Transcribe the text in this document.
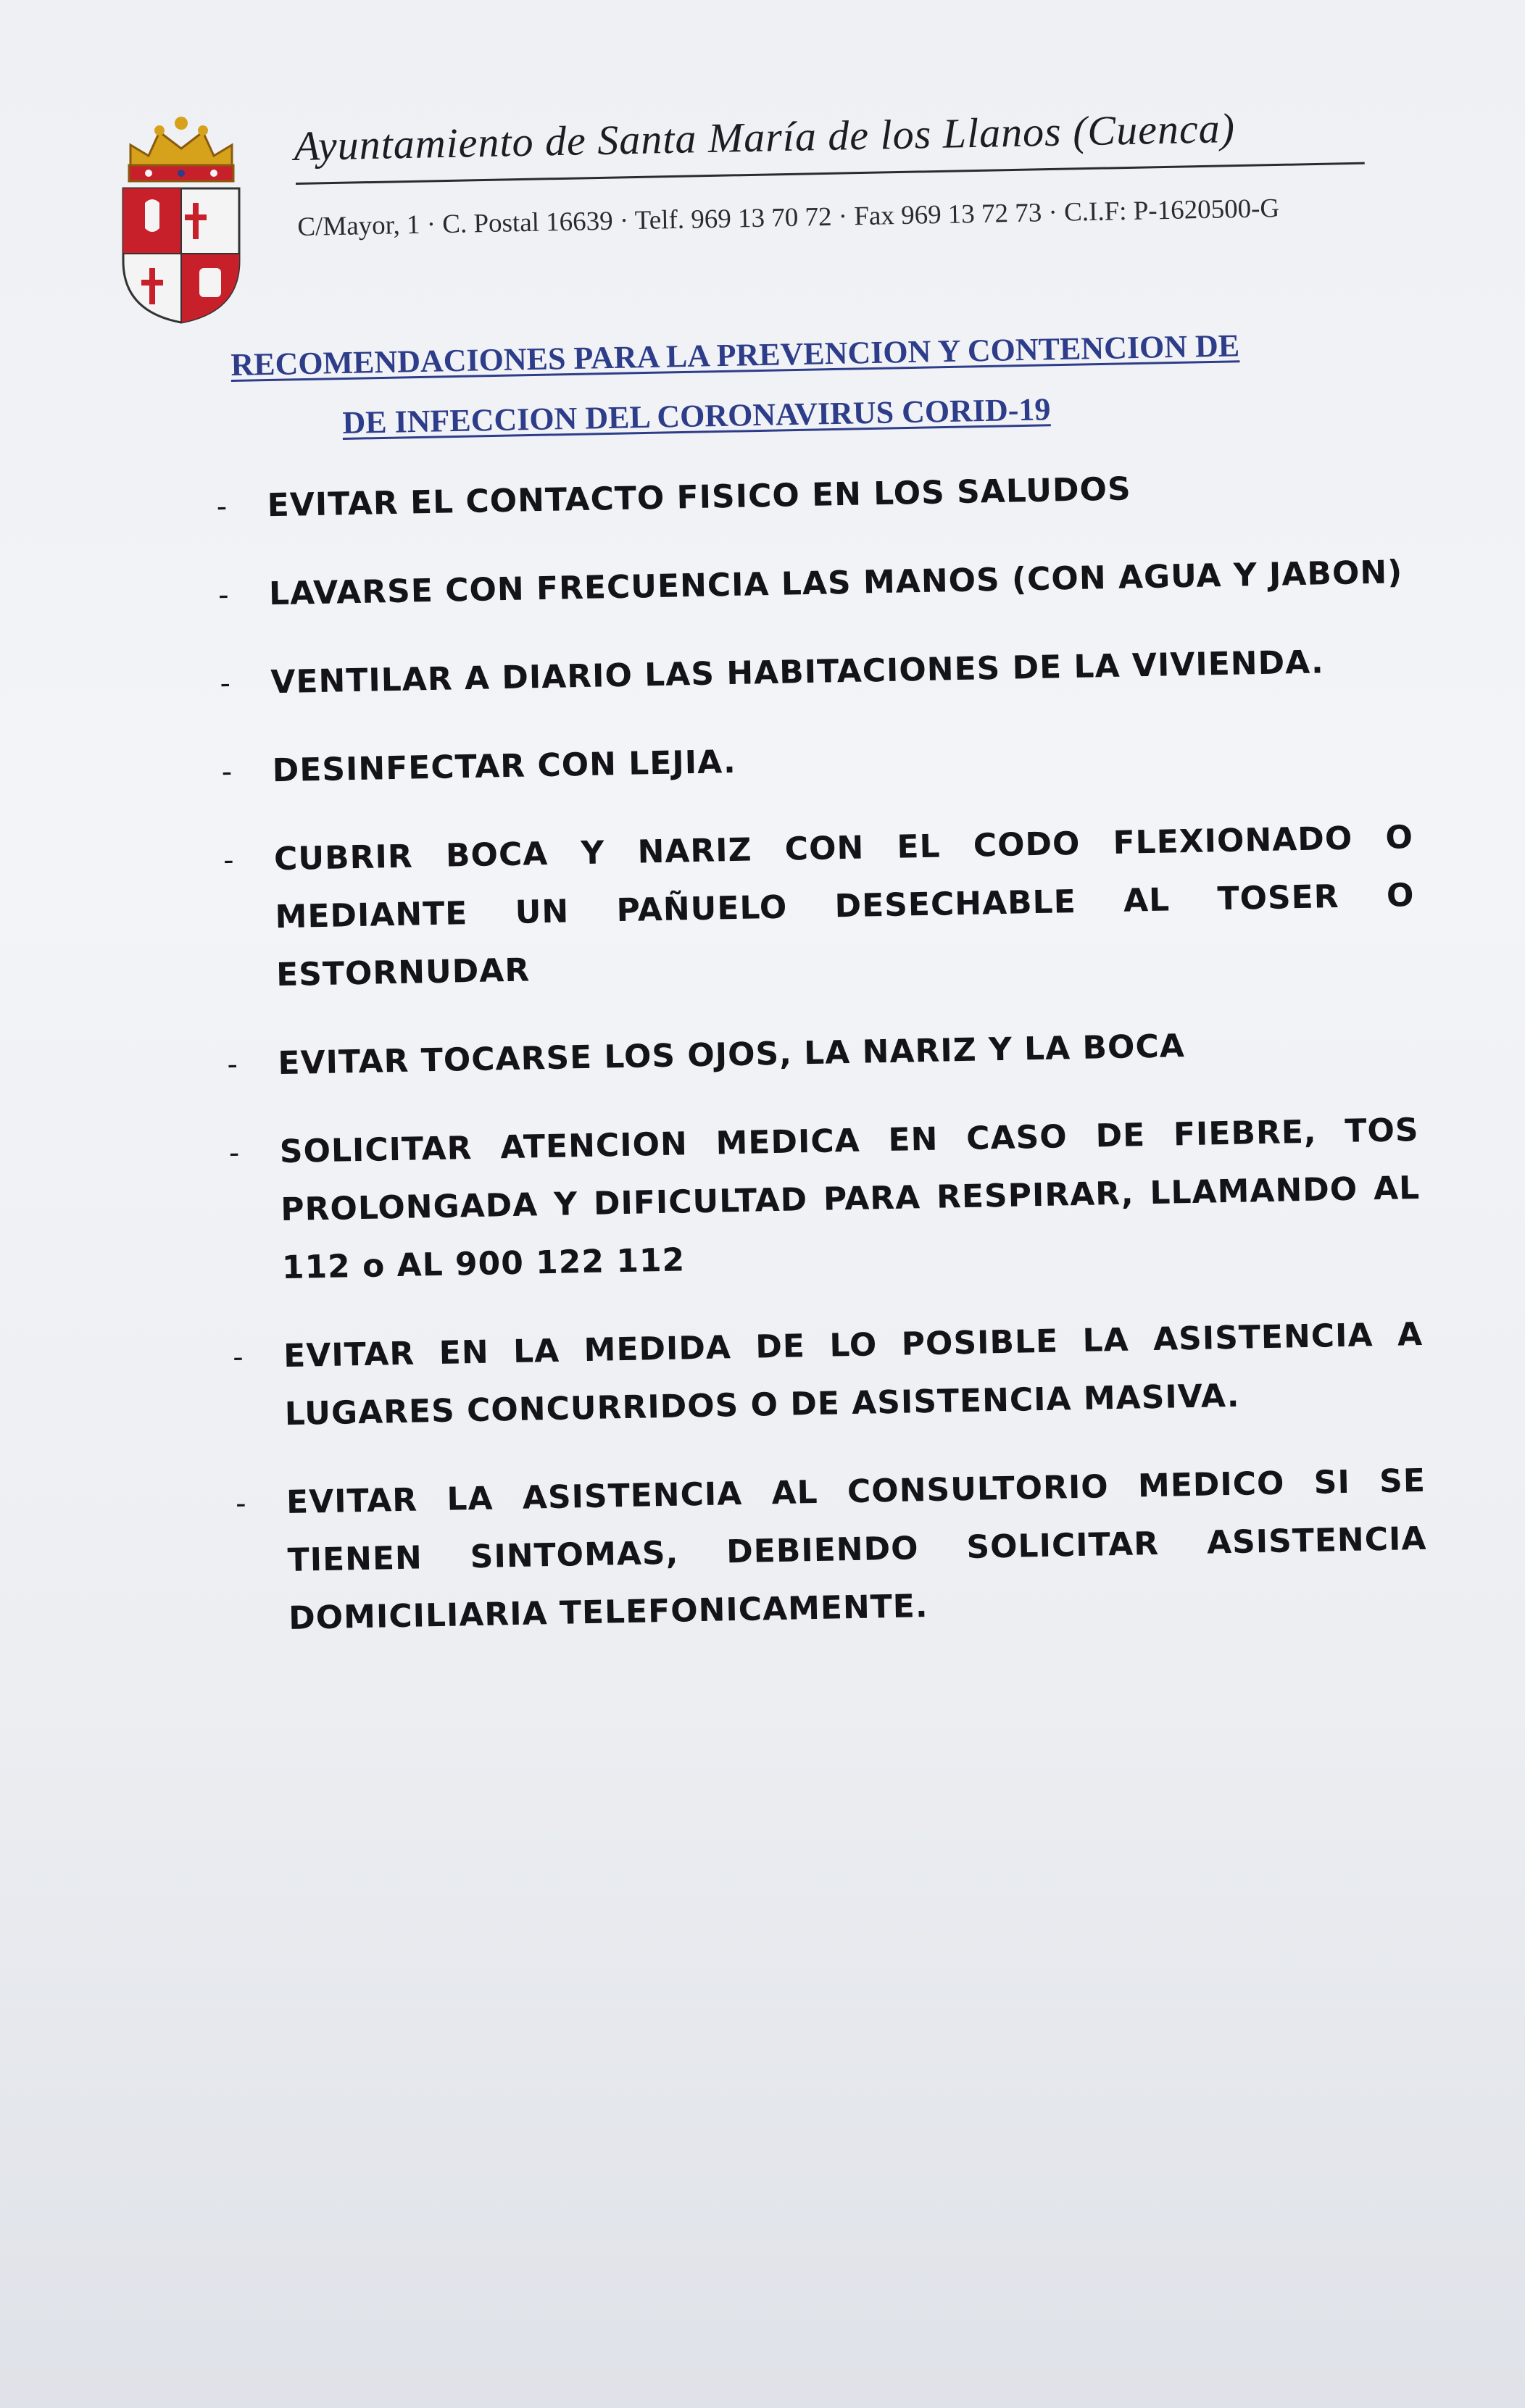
Ayuntamiento de Santa María de los Llanos (Cuenca)
C/Mayor, 1 · C. Postal 16639 · Telf. 969 13 70 72 · Fax 969 13 72 73 · C.I.F: P-1620500-G
RECOMENDACIONES PARA LA PREVENCION Y CONTENCION DE
DE INFECCION DEL CORONAVIRUS CORID-19
- EVITAR EL CONTACTO FISICO EN LOS SALUDOS
- LAVARSE CON FRECUENCIA LAS MANOS (CON AGUA Y JABON)
- VENTILAR A DIARIO LAS HABITACIONES DE LA VIVIENDA.
- DESINFECTAR CON LEJIA.
- CUBRIR BOCA Y NARIZ CON EL CODO FLEXIONADO O MEDIANTE UN PAÑUELO DESECHABLE AL TOSER O ESTORNUDAR
- EVITAR TOCARSE LOS OJOS, LA NARIZ Y LA BOCA
- SOLICITAR ATENCION MEDICA EN CASO DE FIEBRE, TOS PROLONGADA Y DIFICULTAD PARA RESPIRAR, LLAMANDO AL 112 o AL 900 122 112
- EVITAR EN LA MEDIDA DE LO POSIBLE LA ASISTENCIA A LUGARES CONCURRIDOS O DE ASISTENCIA MASIVA.
- EVITAR LA ASISTENCIA AL CONSULTORIO MEDICO SI SE TIENEN SINTOMAS, DEBIENDO SOLICITAR ASISTENCIA DOMICILIARIA TELEFONICAMENTE.
